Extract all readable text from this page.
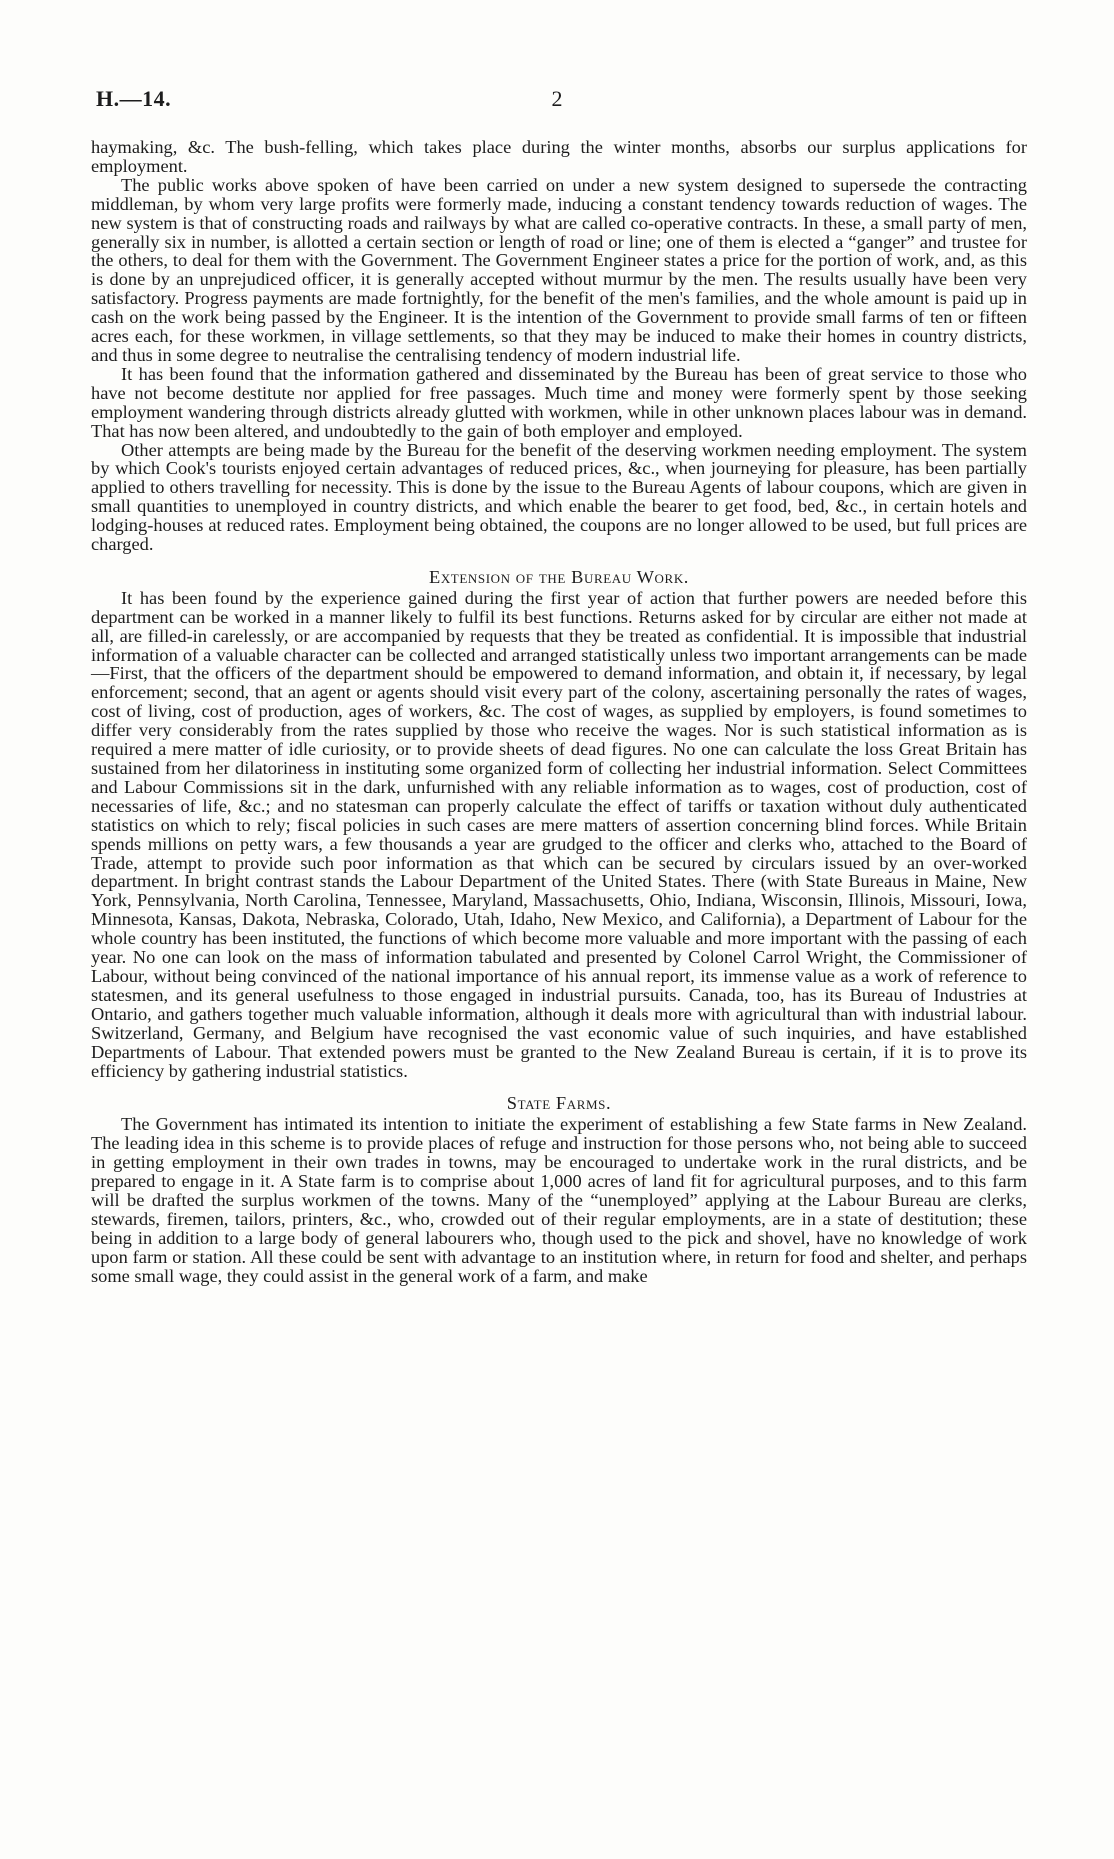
H.—14.	2

haymaking, &c. The bush-felling, which takes place during the winter months, absorbs our surplus applications for employment.

The public works above spoken of have been carried on under a new system designed to supersede the contracting middleman, by whom very large profits were formerly made, inducing a constant tendency towards reduction of wages. The new system is that of constructing roads and railways by what are called co-operative contracts. In these, a small party of men, generally six in number, is allotted a certain section or length of road or line; one of them is elected a “ganger” and trustee for the others, to deal for them with the Government. The Government Engineer states a price for the portion of work, and, as this is done by an unprejudiced officer, it is generally accepted without murmur by the men. The results usually have been very satisfactory. Progress payments are made fortnightly, for the benefit of the men's families, and the whole amount is paid up in cash on the work being passed by the Engineer. It is the intention of the Government to provide small farms of ten or fifteen acres each, for these workmen, in village settlements, so that they may be induced to make their homes in country districts, and thus in some degree to neutralise the centralising tendency of modern industrial life.

It has been found that the information gathered and disseminated by the Bureau has been of great service to those who have not become destitute nor applied for free passages. Much time and money were formerly spent by those seeking employment wandering through districts already glutted with workmen, while in other unknown places labour was in demand. That has now been altered, and undoubtedly to the gain of both employer and employed.

Other attempts are being made by the Bureau for the benefit of the deserving workmen needing employment. The system by which Cook's tourists enjoyed certain advantages of reduced prices, &c., when journeying for pleasure, has been partially applied to others travelling for necessity. This is done by the issue to the Bureau Agents of labour coupons, which are given in small quantities to unemployed in country districts, and which enable the bearer to get food, bed, &c., in certain hotels and lodging-houses at reduced rates. Employment being obtained, the coupons are no longer allowed to be used, but full prices are charged.

Extension of the Bureau Work.

It has been found by the experience gained during the first year of action that further powers are needed before this department can be worked in a manner likely to fulfil its best functions. Returns asked for by circular are either not made at all, are filled-in carelessly, or are accompanied by requests that they be treated as confidential. It is impossible that industrial information of a valuable character can be collected and arranged statistically unless two important arrangements can be made—First, that the officers of the department should be empowered to demand information, and obtain it, if necessary, by legal enforcement; second, that an agent or agents should visit every part of the colony, ascertaining personally the rates of wages, cost of living, cost of production, ages of workers, &c. The cost of wages, as supplied by employers, is found sometimes to differ very considerably from the rates supplied by those who receive the wages. Nor is such statistical information as is required a mere matter of idle curiosity, or to provide sheets of dead figures. No one can calculate the loss Great Britain has sustained from her dilatoriness in instituting some organized form of collecting her industrial information. Select Committees and Labour Commissions sit in the dark, unfurnished with any reliable information as to wages, cost of production, cost of necessaries of life, &c.; and no statesman can properly calculate the effect of tariffs or taxation without duly authenticated statistics on which to rely; fiscal policies in such cases are mere matters of assertion concerning blind forces. While Britain spends millions on petty wars, a few thousands a year are grudged to the officer and clerks who, attached to the Board of Trade, attempt to provide such poor information as that which can be secured by circulars issued by an over-worked department. In bright contrast stands the Labour Department of the United States. There (with State Bureaus in Maine, New York, Pennsylvania, North Carolina, Tennessee, Maryland, Massachusetts, Ohio, Indiana, Wisconsin, Illinois, Missouri, Iowa, Minnesota, Kansas, Dakota, Nebraska, Colorado, Utah, Idaho, New Mexico, and California), a Department of Labour for the whole country has been instituted, the functions of which become more valuable and more important with the passing of each year. No one can look on the mass of information tabulated and presented by Colonel Carrol Wright, the Commissioner of Labour, without being convinced of the national importance of his annual report, its immense value as a work of reference to statesmen, and its general usefulness to those engaged in industrial pursuits. Canada, too, has its Bureau of Industries at Ontario, and gathers together much valuable information, although it deals more with agricultural than with industrial labour. Switzerland, Germany, and Belgium have recognised the vast economic value of such inquiries, and have established Departments of Labour. That extended powers must be granted to the New Zealand Bureau is certain, if it is to prove its efficiency by gathering industrial statistics.

State Farms.

The Government has intimated its intention to initiate the experiment of establishing a few State farms in New Zealand. The leading idea in this scheme is to provide places of refuge and instruction for those persons who, not being able to succeed in getting employment in their own trades in towns, may be encouraged to undertake work in the rural districts, and be prepared to engage in it. A State farm is to comprise about 1,000 acres of land fit for agricultural purposes, and to this farm will be drafted the surplus workmen of the towns. Many of the “unemployed” applying at the Labour Bureau are clerks, stewards, firemen, tailors, printers, &c., who, crowded out of their regular employments, are in a state of destitution; these being in addition to a large body of general labourers who, though used to the pick and shovel, have no knowledge of work upon farm or station. All these could be sent with advantage to an institution where, in return for food and shelter, and perhaps some small wage, they could assist in the general work of a farm, and make
